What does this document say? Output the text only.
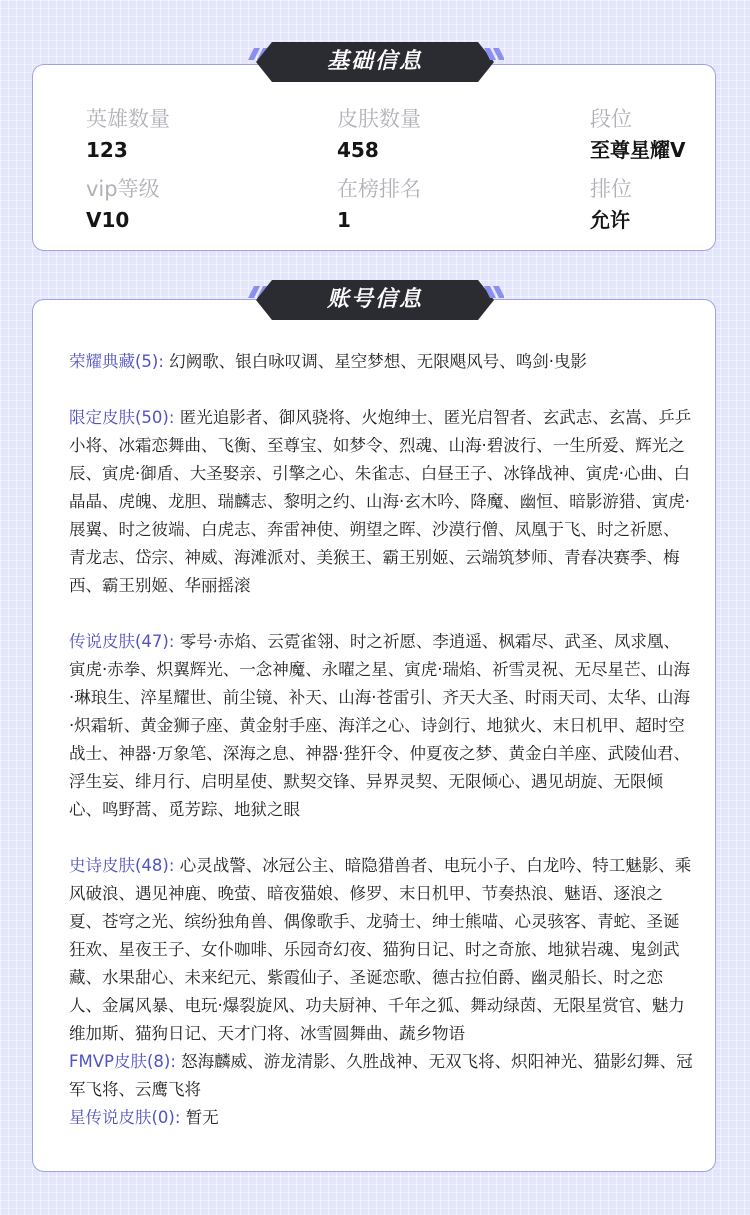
英雄数量
123
皮肤数量
458
段位
至尊星耀V
vip等级
V10
在榜排名
1
排位
允许
荣耀典藏(5): 幻阙歌、银白咏叹调、星空梦想、无限飓风号、鸣剑·曳影
限定皮肤(50): 匿光追影者、御风骁将、火炮绅士、匿光启智者、玄武志、玄嵩、乒乒小将、冰霜恋舞曲、飞衡、至尊宝、如梦令、烈魂、山海·碧波行、一生所爱、辉光之辰、寅虎·御盾、大圣娶亲、引擎之心、朱雀志、白昼王子、冰锋战神、寅虎·心曲、白晶晶、虎魄、龙胆、瑞麟志、黎明之约、山海·玄木吟、降魔、幽恒、暗影游猎、寅虎·展翼、时之彼端、白虎志、奔雷神使、朔望之晖、沙漠行僧、凤凰于飞、时之祈愿、青龙志、岱宗、神威、海滩派对、美猴王、霸王别姬、云端筑梦师、青春决赛季、梅西、霸王别姬、华丽摇滚
传说皮肤(47): 零号·赤焰、云霓雀翎、时之祈愿、李逍遥、枫霜尽、武圣、凤求凰、寅虎·赤拳、炽翼辉光、一念神魔、永曜之星、寅虎·瑞焰、祈雪灵祝、无尽星芒、山海·琳琅生、淬星耀世、前尘镜、补天、山海·苍雷引、齐天大圣、时雨天司、太华、山海·炽霜斩、黄金狮子座、黄金射手座、海洋之心、诗剑行、地狱火、末日机甲、超时空战士、神器·万象笔、深海之息、神器·狴犴令、仲夏夜之梦、黄金白羊座、武陵仙君、浮生妄、绯月行、启明星使、默契交锋、异界灵契、无限倾心、遇见胡旋、无限倾心、鸣野蒿、觅芳踪、地狱之眼
史诗皮肤(48): 心灵战警、冰冠公主、暗隐猎兽者、电玩小子、白龙吟、特工魅影、乘风破浪、遇见神鹿、晚萤、暗夜猫娘、修罗、末日机甲、节奏热浪、魅语、逐浪之夏、苍穹之光、缤纷独角兽、偶像歌手、龙骑士、绅士熊喵、心灵骇客、青蛇、圣诞狂欢、星夜王子、女仆咖啡、乐园奇幻夜、猫狗日记、时之奇旅、地狱岩魂、鬼剑武藏、水果甜心、未来纪元、紫霞仙子、圣诞恋歌、德古拉伯爵、幽灵船长、时之恋人、金属风暴、电玩·爆裂旋风、功夫厨神、千年之狐、舞动绿茵、无限星赏官、魅力维加斯、猫狗日记、天才门将、冰雪圆舞曲、蔬乡物语
FMVP皮肤(8): 怒海麟威、游龙清影、久胜战神、无双飞将、炽阳神光、猫影幻舞、冠军飞将、云鹰飞将
星传说皮肤(0): 暂无
基础信息
账号信息
